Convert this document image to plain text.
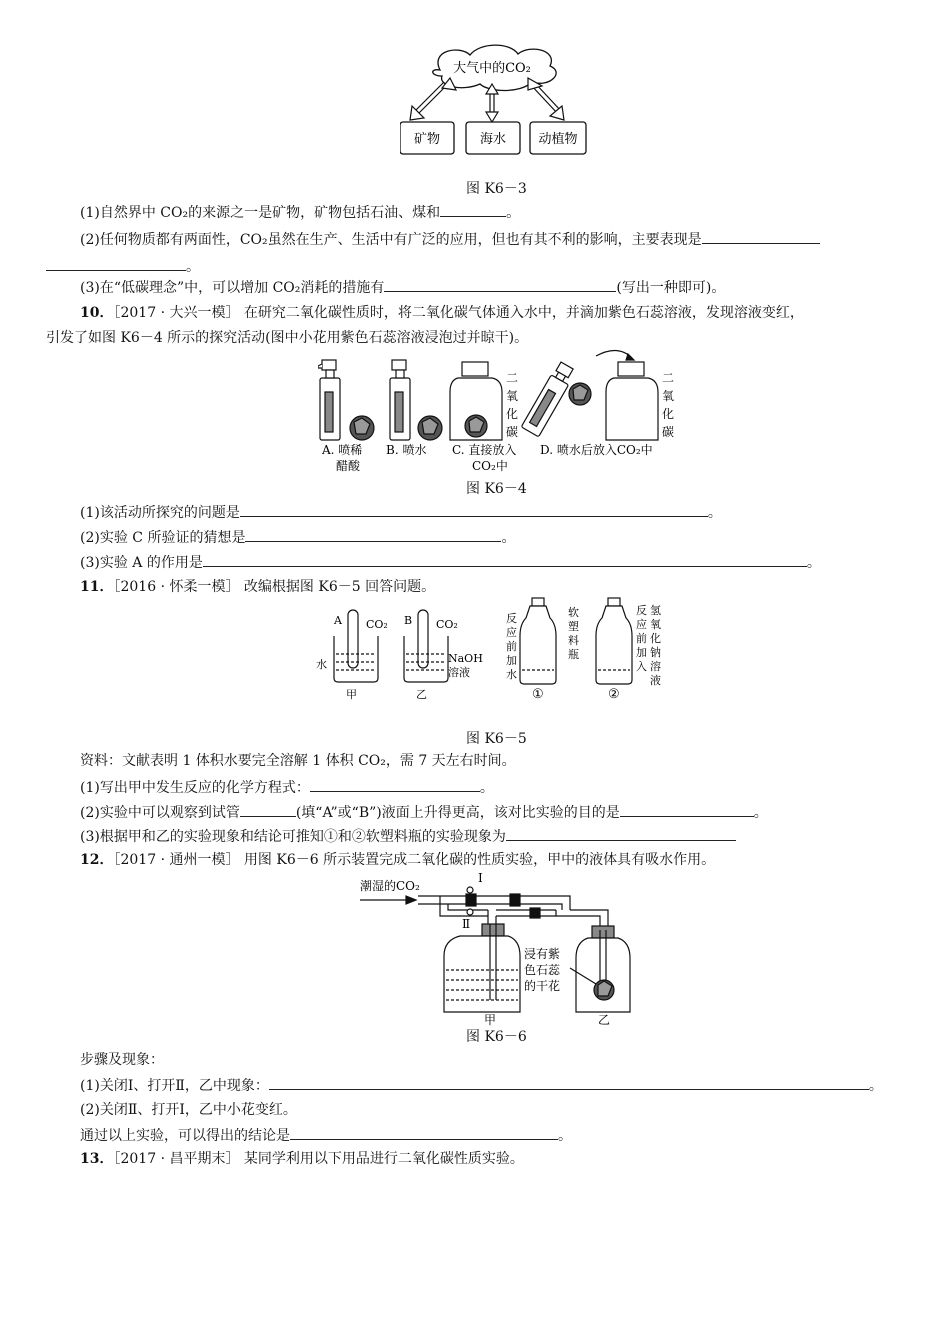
大气中的CO₂
矿物	海水 动植物
图 K6－3
(1)自然界中 CO₂的来源之一是矿物，矿物包括石油、煤和	。
(2)任何物质都有两面性，CO₂虽然在生产、生活中有广泛的应用，但也有其不利的影响，主要表现是
。
(3)在“低碳理念”中，可以增加 CO₂消耗的措施有	(写出一种即可)。
10．［2017 · 大兴一模］ 在研究二氧化碳性质时，将二氧化碳气体通入水中，并滴加紫色石蕊溶液，发现溶液变红，
引发了如图 K6－4 所示的探究活动(图中小花用紫色石蕊溶液浸泡过并晾干)。
二
氧
化
碳
二
氧
化
碳
A. 喷稀
醋酸
B. 喷水 C. 直接放入
CO₂中
D. 喷水后放入CO₂中
图 K6－4
(1)该活动所探究的问题是	。
(2)实验 C 所验证的猜想是	。
(3)实验 A 的作用是	。
11．［2016 · 怀柔一模］ 改编根据图 K6－5 回答问题。
A CO₂ B CO₂
水	NaOH
溶液
甲	乙
反
应
前
加
水
软
塑
料
瓶
反
应
前
加
入
氢
氧
化
钠
溶
液
①	②
图 K6－5
资料：文献表明 1 体积水要完全溶解 1 体积 CO₂，需 7 天左右时间。
(1)写出甲中发生反应的化学方程式：	。
(2)实验中可以观察到试管	(填“A”或“B”)液面上升得更高，该对比实验的目的是	。
(3)根据甲和乙的实验现象和结论可推知①和②软塑料瓶的实验现象为
12．［2017 · 通州一模］ 用图 K6－6 所示装置完成二氧化碳的性质实验，甲中的液体具有吸水作用。
潮湿的CO₂
Ⅰ
Ⅱ
浸有紫
色石蕊
的干花
甲	乙
图 K6－6
步骤及现象：
(1)关闭Ⅰ、打开Ⅱ，乙中现象：	。
(2)关闭Ⅱ、打开Ⅰ，乙中小花变红。
通过以上实验，可以得出的结论是	。
13．［2017 · 昌平期末］ 某同学利用以下用品进行二氧化碳性质实验。
